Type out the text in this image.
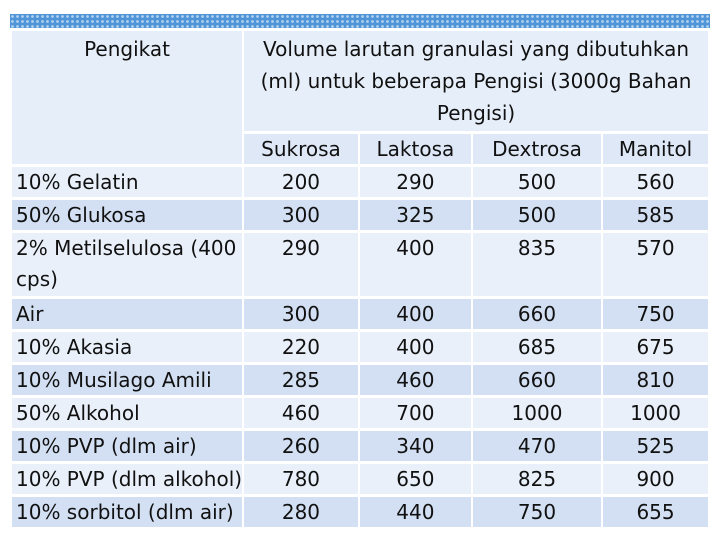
Pengikat	Volume larutan granulasi yang dibutuhkan (ml) untuk beberapa Pengisi (3000g Bahan Pengisi)			
	Sukrosa	Laktosa	Dextrosa	Manitol
10% Gelatin	200	290	500	560
50% Glukosa	300	325	500	585
2% Metilselulosa (400 cps)	290	400	835	570
Air	300	400	660	750
10% Akasia	220	400	685	675
10% Musilago Amili	285	460	660	810
50% Alkohol	460	700	1000	1000
10% PVP (dlm air)	260	340	470	525
10% PVP (dlm alkohol)	780	650	825	900
10% sorbitol (dlm air)	280	440	750	655
